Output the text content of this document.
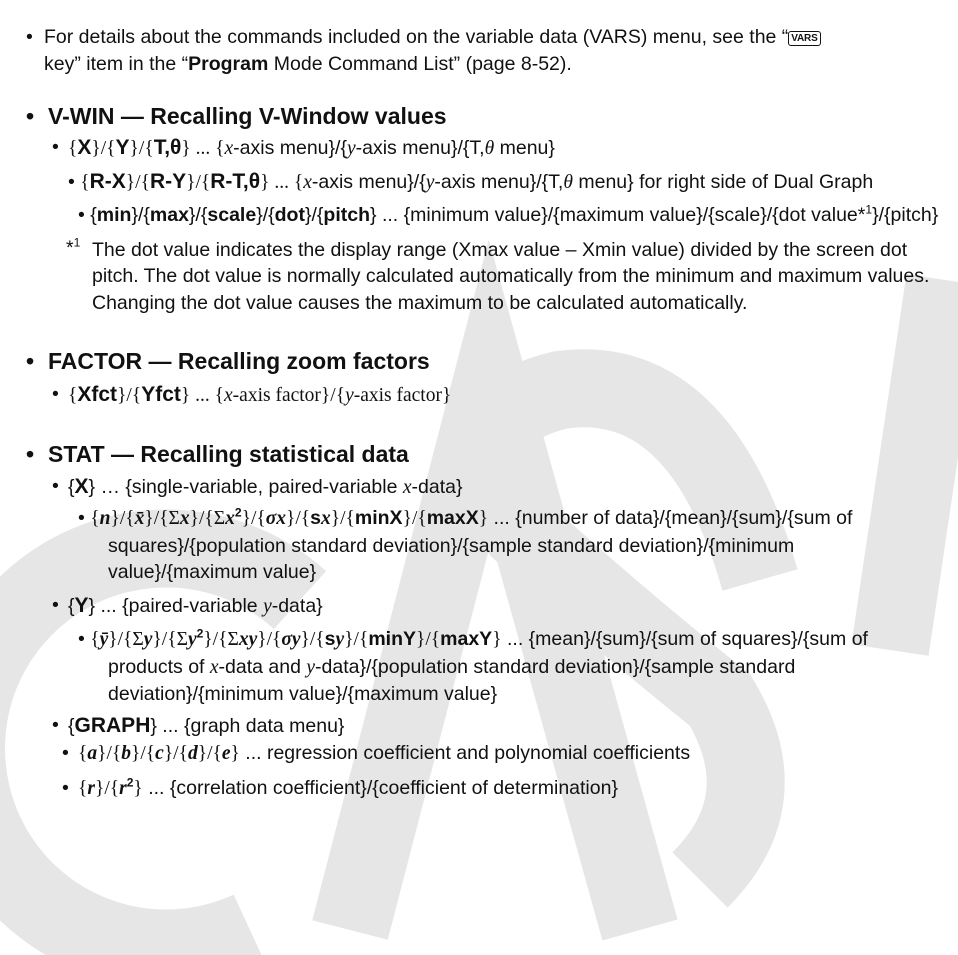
• For details about the commands included on the variable data (VARS) menu, see the “ VARS
key” item in the “Program Mode Command List” (page 8-52).
• V-WIN — Recalling V-Window values
• {X}/{Y}/{T,θ} ... {x-axis menu}/{y-axis menu}/{T,θ menu}
• {R-X}/{R-Y}/{R-T,θ} ... {x-axis menu}/{y-axis menu}/{T,θ menu} for right side of Dual Graph
• {min}/{max}/{scale}/{dot}/{pitch} ... {minimum value}/{maximum value}/{scale}/{dot value*$^1$}/{pitch}
*$^1$ The dot value indicates the display range (Xmax value – Xmin value) divided by the screen dot pitch. The dot value is normally calculated automatically from the minimum and maximum values. Changing the dot value causes the maximum to be calculated automatically.
• FACTOR — Recalling zoom factors
• {Xfct}/{Yfct} ... {x-axis factor}/{y-axis factor}
• STAT — Recalling statistical data
• {X} … {single-variable, paired-variable x-data}
• $\{n\}/\{x̄\}/\{\Sigma x\}/\{\Sigma x^2\}/\{\sigma x\}/\{sx\}/\{\min X\}/\{\max X\}$ ... {number of data}/{mean}/{sum}/{sum of squares}/{population standard deviation}/{sample standard deviation}/{minimum value}/{maximum value}
• {Y} ... {paired-variable y-data}
• $\{ȳ\}/\{\Sigma y\}/\{\Sigma y^2\}/\{\Sigma xy\}/\{\sigma y\}/\{sy\}/\{\min Y\}/\{\max Y\}$ ... {mean}/{sum}/{sum of squares}/{sum of products of x-data and y-data}/{population standard deviation}/{sample standard deviation}/{minimum value}/{maximum value}
• {GRAPH} ... {graph data menu}
• {a}/{b}/{c}/{d}/{e} ... regression coefficient and polynomial coefficients
• $\{r\}/\{r^2\}$ ... {correlation coefficient}/{coefficient of determination}
